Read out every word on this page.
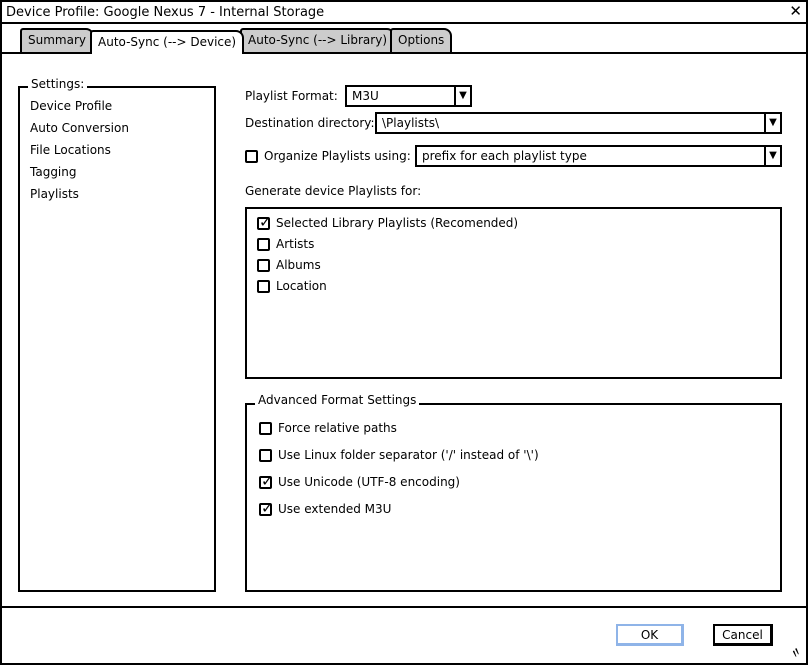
Device Profile: Google Nexus 7 - Internal Storage	✕
Summary	Auto-Sync (--> Device) Auto-Sync (--> Library) Options
Settings:
Device Profile
Auto Conversion
File Locations
Tagging
Playlists
Playlist Format:	M3U	▼
Destination directory: \Playlists\	▼
Organize Playlists using: prefix for each playlist type	▼
Generate device Playlists for:
✓Selected Library Playlists (Recomended)
Artists
Albums
Location
Advanced Format Settings
Force relative paths
Use Linux folder separator ('/' instead of '\')
✓Use Unicode (UTF-8 encoding)
✓Use extended M3U
OK	Cancel
〃
